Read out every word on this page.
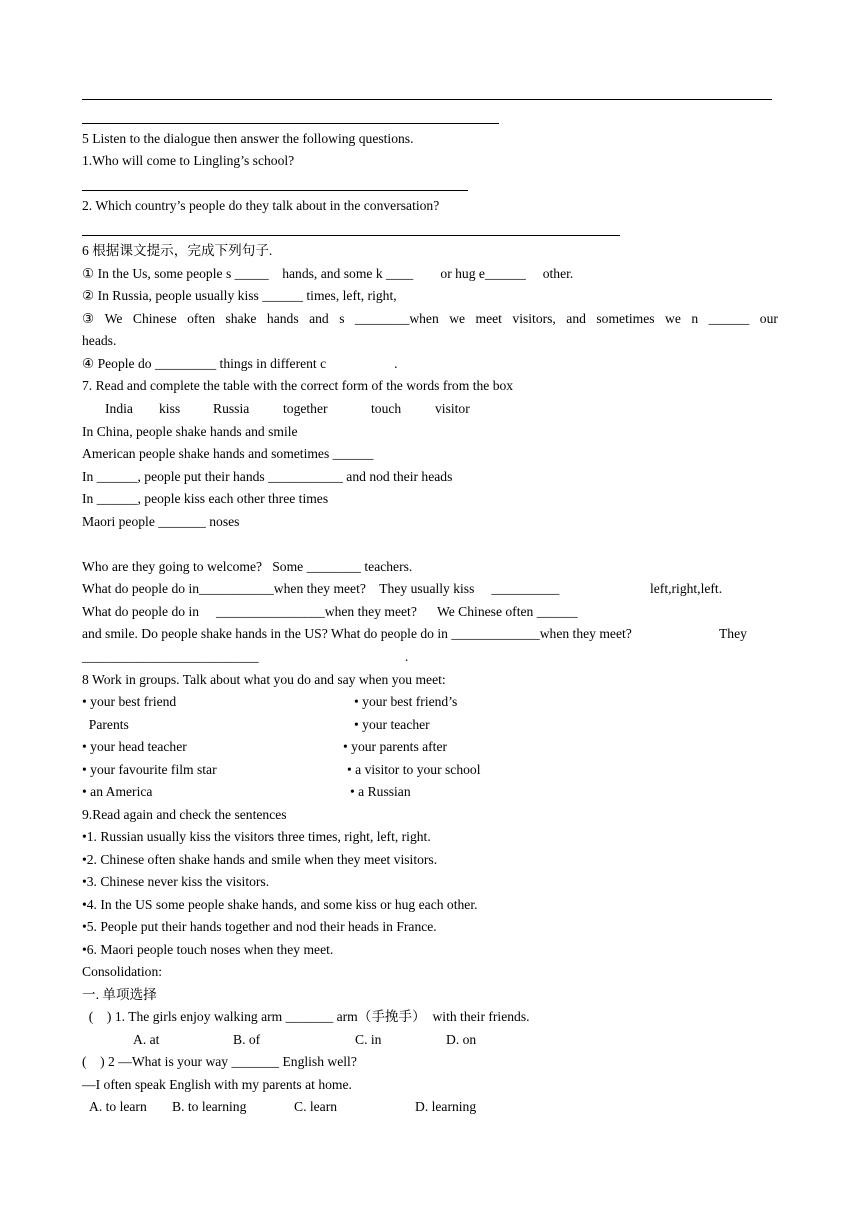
5 Listen to the dialogue then answer the following questions.
1.Who will come to Lingling’s school?
2. Which country’s people do they talk about in the conversation?
6 根据课文提示，完成下列句子.
① In the Us, some people s _____    hands, and some k ____        or hug e______     other.
② In Russia, people usually kiss ______ times, left, right,
③ We Chinese often shake hands and s ________when we meet visitors, and sometimes we n ______ our
heads.
④ People do _________ things in different c                    .
7. Read and complete the table with the correct form of the words from the box
India kiss Russia together	touch visitor
In China, people shake hands and smile
American people shake hands and sometimes ______
In ______, people put their hands ___________ and nod their heads
In ______, people kiss each other three times
Maori people _______ noses
Who are they going to welcome?   Some ________ teachers.
What do people do in___________when they meet?    They usually kiss     __________	left,right,left.
What do people do in     ________________when they meet?      We Chinese often ______
and smile. Do people shake hands in the US? What do people do in _____________when they meet?	They
__________________________                                           .
8 Work in groups. Talk about what you do and say when you meet:
• your best friend	• your best friend’s
Parents	• your teacher
• your head teacher	• your parents after
• your favourite film star	• a visitor to your school
• an America	• a Russian
9.Read again and check the sentences
•1. Russian usually kiss the visitors three times, right, left, right.
•2. Chinese often shake hands and smile when they meet visitors.
•3. Chinese never kiss the visitors.
•4. In the US some people shake hands, and some kiss or hug each other.
•5. People put their hands together and nod their heads in France.
•6. Maori people touch noses when they meet.
Consolidation:
一. 单项选择
(    ) 1. The girls enjoy walking arm _______ arm（手挽手）  with their friends.
A. at	B. of	C. in	D. on
(    ) 2 —What is your way _______ English well?
—I often speak English with my parents at home.
A. to learn B. to learning	C. learn	D. learning
